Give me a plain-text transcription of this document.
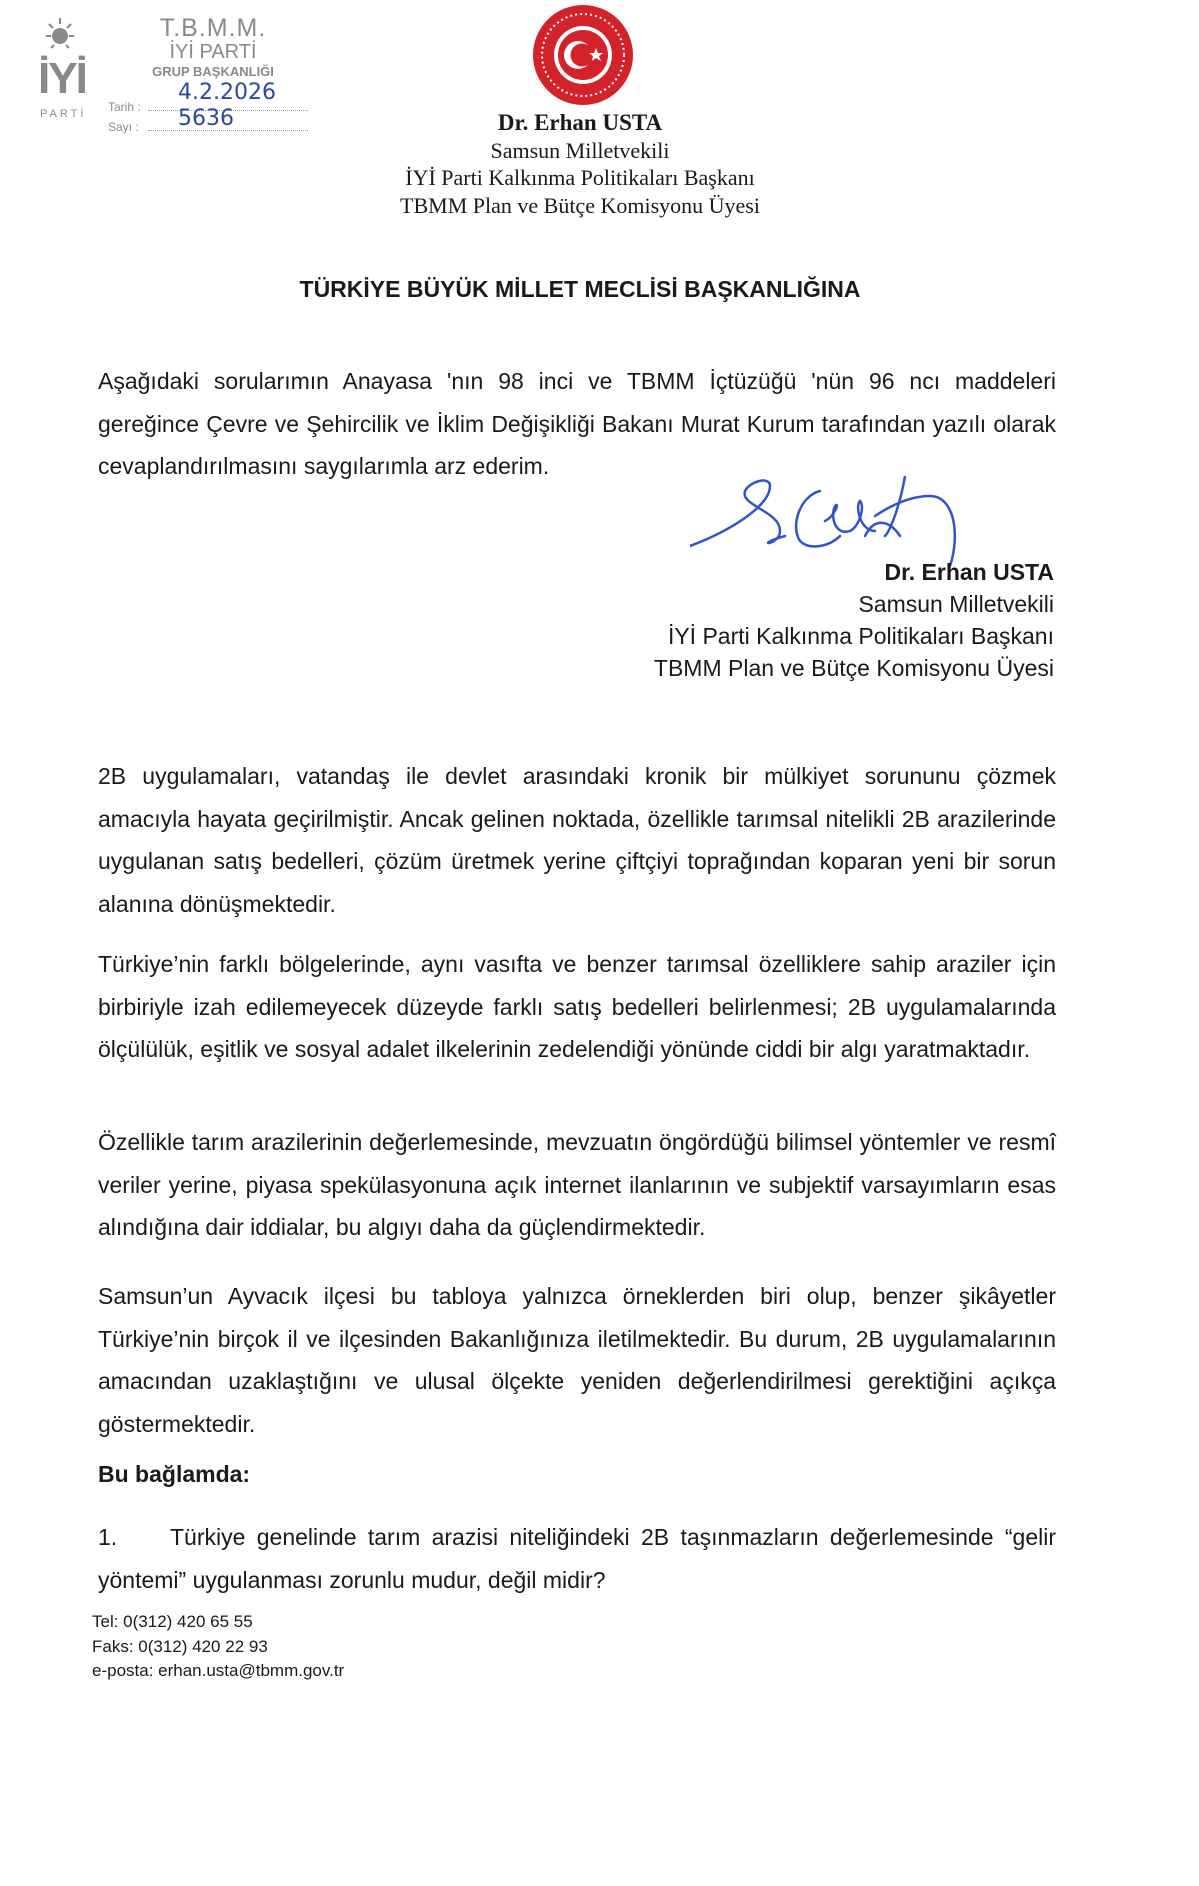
İYİ
PARTİ
T.B.M.M.
İYİ PARTİ
GRUP BAŞKANLIĞI
Tarih :
4.2.2026
Sayı : 5636	Dr. Erhan USTA
Samsun Milletvekili
İYİ Parti Kalkınma Politikaları Başkanı
TBMM Plan ve Bütçe Komisyonu Üyesi
TÜRKİYE BÜYÜK MİLLET MECLİSİ BAŞKANLIĞINA
Aşağıdaki sorularımın Anayasa 'nın 98 inci ve TBMM İçtüzüğü 'nün 96 ncı maddeleri gereğince Çevre ve Şehircilik ve İklim Değişikliği Bakanı Murat Kurum tarafından yazılı olarak cevaplandırılmasını saygılarımla arz ederim.
Dr. Erhan USTA
Samsun Milletvekili
İYİ Parti Kalkınma Politikaları Başkanı
TBMM Plan ve Bütçe Komisyonu Üyesi
2B uygulamaları, vatandaş ile devlet arasındaki kronik bir mülkiyet sorununu çözmek amacıyla hayata geçirilmiştir. Ancak gelinen noktada, özellikle tarımsal nitelikli 2B arazilerinde uygulanan satış bedelleri, çözüm üretmek yerine çiftçiyi toprağından koparan yeni bir sorun alanına dönüşmektedir.
Türkiye’nin farklı bölgelerinde, aynı vasıfta ve benzer tarımsal özelliklere sahip araziler için birbiriyle izah edilemeyecek düzeyde farklı satış bedelleri belirlenmesi; 2B uygulamalarında ölçülülük, eşitlik ve sosyal adalet ilkelerinin zedelendiği yönünde ciddi bir algı yaratmaktadır.
Özellikle tarım arazilerinin değerlemesinde, mevzuatın öngördüğü bilimsel yöntemler ve resmî veriler yerine, piyasa spekülasyonuna açık internet ilanlarının ve subjektif varsayımların esas alındığına dair iddialar, bu algıyı daha da güçlendirmektedir.
Samsun’un Ayvacık ilçesi bu tabloya yalnızca örneklerden biri olup, benzer şikâyetler Türkiye’nin birçok il ve ilçesinden Bakanlığınıza iletilmektedir. Bu durum, 2B uygulamalarının amacından uzaklaştığını ve ulusal ölçekte yeniden değerlendirilmesi gerektiğini açıkça göstermektedir.
Bu bağlamda:
1. Türkiye genelinde tarım arazisi niteliğindeki 2B taşınmazların değerlemesinde “gelir yöntemi” uygulanması zorunlu mudur, değil midir?
Tel: 0(312) 420 65 55
Faks: 0(312) 420 22 93
e-posta: erhan.usta@tbmm.gov.tr
